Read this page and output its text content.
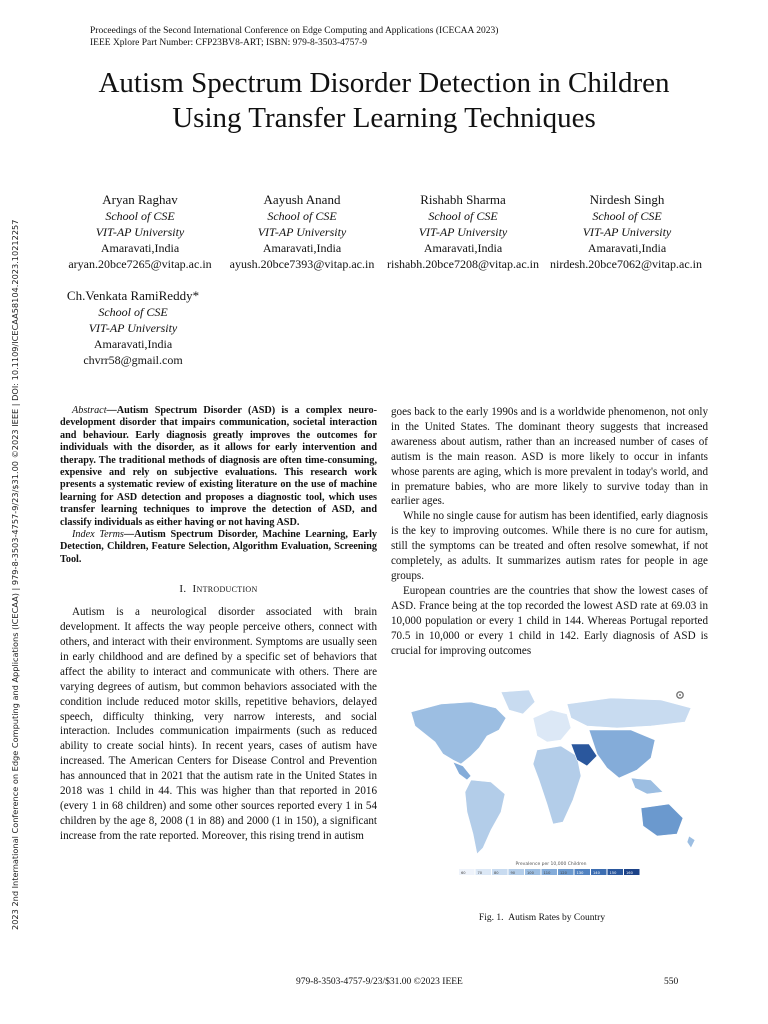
2023 2nd International Conference on Edge Computing and Applications (ICECAA) | 979-8-3503-4757-9/23/$31.00 ©2023 IEEE | DOI: 10.1109/ICECAA58104.2023.10212257
Proceedings of the Second International Conference on Edge Computing and Applications (ICECAA 2023)
IEEE Xplore Part Number: CFP23BV8-ART; ISBN: 979-8-3503-4757-9
Autism Spectrum Disorder Detection in Children
Using Transfer Learning Techniques
Aryan Raghav
School of CSE
VIT-AP University
Amaravati,India
aryan.20bce7265@vitap.ac.in
Aayush Anand
School of CSE
VIT-AP University
Amaravati,India
ayush.20bce7393@vitap.ac.in
Rishabh Sharma
School of CSE
VIT-AP University
Amaravati,India
rishabh.20bce7208@vitap.ac.in
Nirdesh Singh
School of CSE
VIT-AP University
Amaravati,India
nirdesh.20bce7062@vitap.ac.in
Ch.Venkata RamiReddy*
School of CSE
VIT-AP University
Amaravati,India
chvrr58@gmail.com

Abstract—Autism Spectrum Disorder (ASD) is a complex neuro-development disorder that impairs communication, societal interaction and behaviour. Early diagnosis greatly improves the outcomes for individuals with the disorder, as it allows for early intervention and therapy. The traditional methods of diagnosis are often time-consuming, expensive and rely on subjective evaluations. This research work presents a systematic review of existing literature on the use of machine learning for ASD detection and proposes a diagnostic tool, which uses transfer learning techniques to improve the detection of ASD, and classify individuals as either having or not having ASD.

Index Terms—Autism Spectrum Disorder, Machine Learning, Early Detection, Children, Feature Selection, Algorithm Evaluation, Screening Tool.

I. Introduction

Autism is a neurological disorder associated with brain development. It affects the way people perceive others, connect with others, and interact with their environment. Symptoms are usually seen in early childhood and are defined by a specific set of behaviors that affect the ability to interact and communicate with others. There are varying degrees of autism, but common behaviors associated with the condition include reduced motor skills, repetitive behaviors, delayed speech, difficulty thinking, very narrow interests, and social interaction. Includes communication impairments (such as reduced ability to create social hints). In recent years, cases of autism have increased. The American Centers for Disease Control and Prevention has announced that in 2021 that the autism rate in the United States in 2018 was 1 child in 44. This was higher than that reported in 2016 (every 1 in 68 children) and some other sources reported every 1 in 54 children by the age 8, 2008 (1 in 88) and 2000 (1 in 150), a significant increase from the rate reported. Moreover, this rising trend in autism

goes back to the early 1990s and is a worldwide phenomenon, not only in the United States. The dominant theory suggests that increased awareness about autism, rather than an increased number of cases of autism is the main reason. ASD is more likely to occur in infants whose parents are aging, which is more prevalent in today's world, and in premature babies, who are more likely to survive today than in earlier ages.

While no single cause for autism has been identified, early diagnosis is the key to improving outcomes. While there is no cure for autism, still the symptoms can be treated and often resolve somewhat, if not completely, as adults. It summarizes autism rates for people in age groups.

European countries are the countries that show the lowest cases of ASD. France being at the top recorded the lowest ASD rate at 69.03 in 10,000 population or every 1 child in 144. Whereas Portugal reported 70.5 in 10,000 or every 1 child in 142. Early diagnosis of ASD is crucial for improving outcomes

Prevalence per 10,000 Children
60	70	80	90	100	110	120	130	140	150	160
Fig. 1. Autism Rates by Country
979-8-3503-4757-9/23/$31.00 ©2023 IEEE	550
